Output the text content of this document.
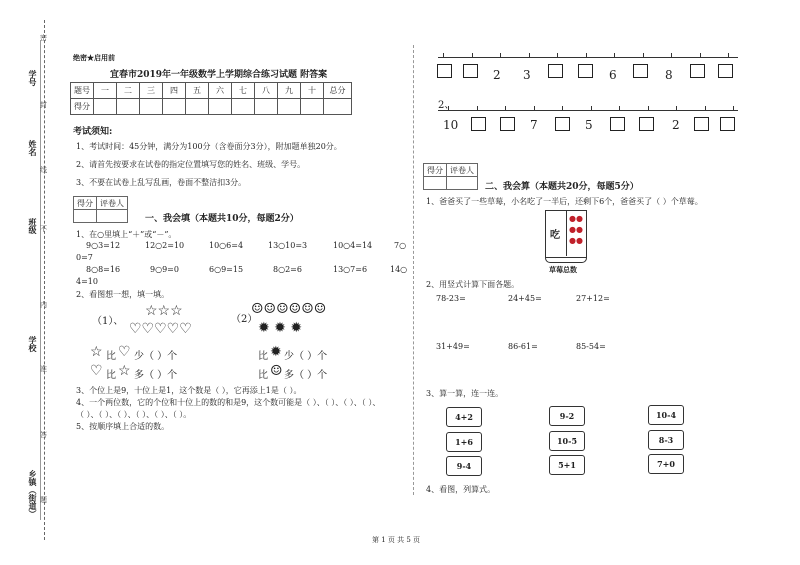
学号
姓名
班级
学校
乡镇（街道）
密
封
线
内
不
准
答
题
绝密★启用前
宜春市2019年一年级数学上学期综合练习试题 附答案
题号	一	二	三	四	五	六	七	八	九	十	总分
得分											
考试须知:
1、考试时间：45分钟，满分为100分（含卷面分3分），附加题单独20分。
2、请首先按要求在试卷的指定位置填写您的姓名、班级、学号。
3、不要在试卷上乱写乱画，卷面不整洁扣3分。
得分	评卷人

一、我会填（本题共10分，每题2分）
1、在○里填上“＋”或“－”。
9○3=12	12○2=10	10○6=4	13○10=3	10○4=14	7○
0=7
8○8=16	9○9=0	6○9=15	8○2=6	13○7=6	14○
4=10
2、看图想一想，填一填。
（1）、
☆☆☆
♡♡♡♡♡
☆ 比 ♡ 少（ ）个
♡ 比 ☆ 多（ ）个
（2）
☺☺☺☺☺☺
✹ ✹ ✹
比 ✹ 少（ ）个
比 ☺ 多（ ）个
3、个位上是9，十位上是1，这个数是（ ），它再添上1是（ ）。
4、一个两位数，它的个位和十位上的数的和是9，这个数可能是（ ）、（ ）、（ ）、（ ）、
（ ）、（ ）、（ ）、（ ）、（ ）、（ ）。
5、按顺序填上合适的数。
2 3	6	8
2、
10	7	5	2
得分	评卷人

二、我会算（本题共20分，每题5分）
1、爸爸买了一些草莓，小名吃了一半后，还剩下6个，爸爸买了（ ）个草莓。
吃
●●
●●
●●
草莓总数
2、用竖式计算下面各题。
78-23=	24+45=	27+12=
31+49=	86-61=	85-54=
3、算一算，连一连。
4+2	9-2	10-4
1+6	10-5	8-3
9-4	5+1	7+0
4、看图，列算式。
第 1 页 共 5 页
